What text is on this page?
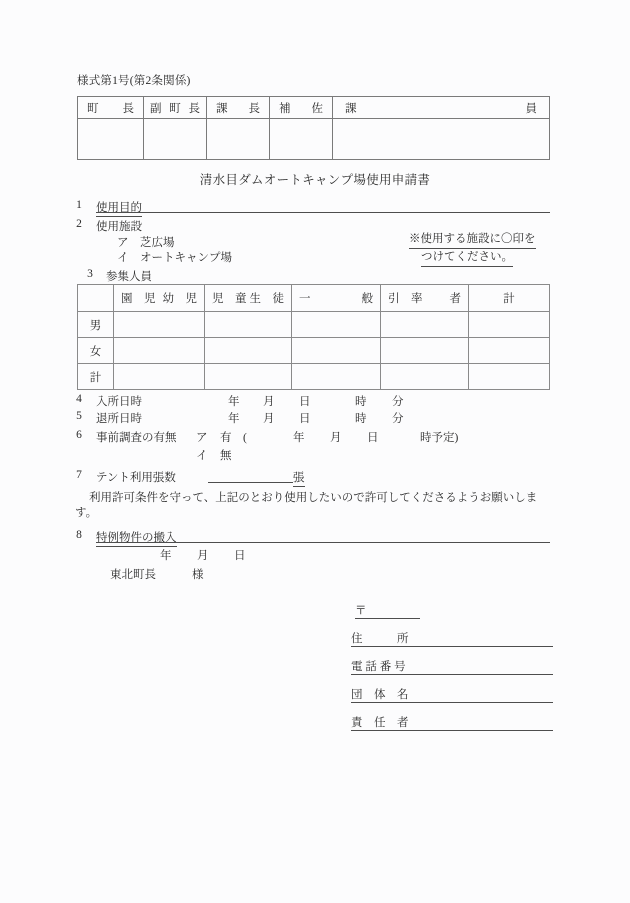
様式第1号(第2条関係)
町 長	副 町 長	課 長	補 佐	課 員

清水目ダムオートキャンプ場使用申請書
1	使用目的
2	使用施設
ア 芝広場
イ オートキャンプ場
※使用する施設に〇印を
つけてください。
3	参集人員

	園　児 幼　児	児　童 生　徒	一 般	引　率 者	計
男					
女					
計					
4	入所日時	年 月 日	時 分
5	退所日時	年 月 日	時 分
6	事前調査の有無 ア 有　(	年 月 日	時予定)
イ 無
7	テント利用張数	張
利用許可条件を守って、上記のとおり使用したいので許可してくださるようお願いしま
す。
8	特例物件の搬入
年 月 日
東北町長	様
〒
住　　　所
電 話 番 号
団　体　名
責　任　者
